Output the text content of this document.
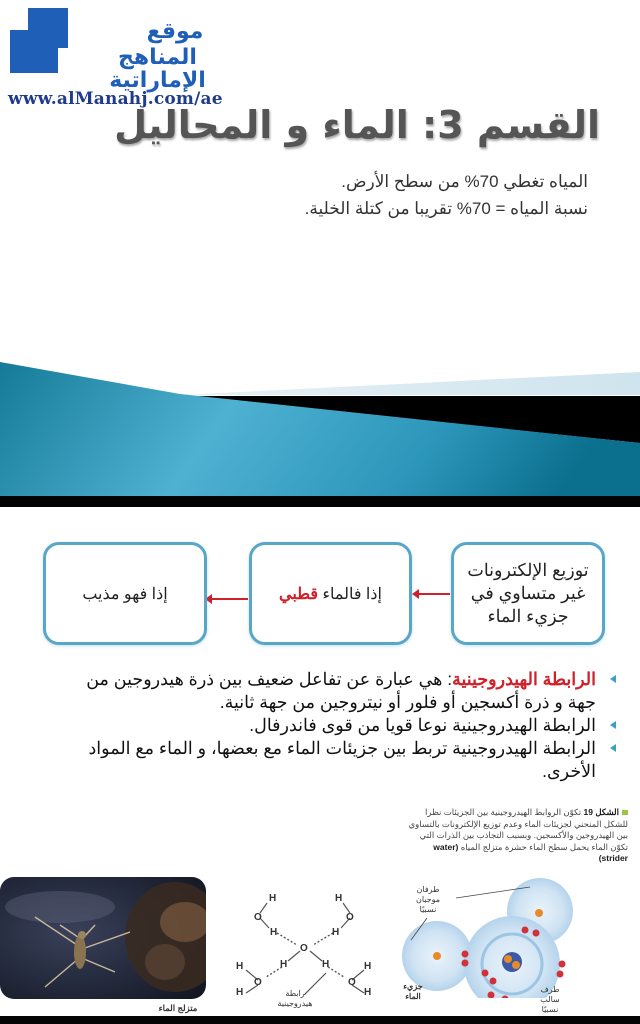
موقع
المناهج الإماراتية
www.alManahj.com/ae
القسم 3: الماء و المحاليل
المياه تغطي 70% من سطح الأرض.
نسبة المياه = 70% تقريبا من كتلة الخلية.
توزيع الإلكترونات
غير متساوي في
جزيء الماء
إذا فالماء

قطبي
إذا فهو مذيب
الرابطة الهيدروجينية: هي عبارة عن تفاعل ضعيف بين ذرة هيدروجين من جهة و ذرة أكسجين أو فلور أو نيتروجين من جهة ثانية.
الرابطة الهيدروجينية نوعا قويا من قوى فاندرفال.
الرابطة الهيدروجينية تربط بين جزيئات الماء مع بعضها، و الماء مع المواد الأخرى.
الشكل 19 تكوّن الروابط الهيدروجينية بين الجزيئات نظرا للشكل المنحني لجزيئات الماء وعدم توزيع الإلكترونات بالتساوي بين الهيدروجين والأكسجين. وبسبب التجاذب بين الذرات التي تكوّن الماء يحمل سطح الماء حشرة متزلج المياه (water strider)
متزلج الماء
H
O
H
H
O
H
O
H	H
H
O
H
O
H
H
رابطة
هيدروجينية
طرفان
موجبان
نسبيًا
جزيء
الماء
طرف
سالب
نسبيًا
